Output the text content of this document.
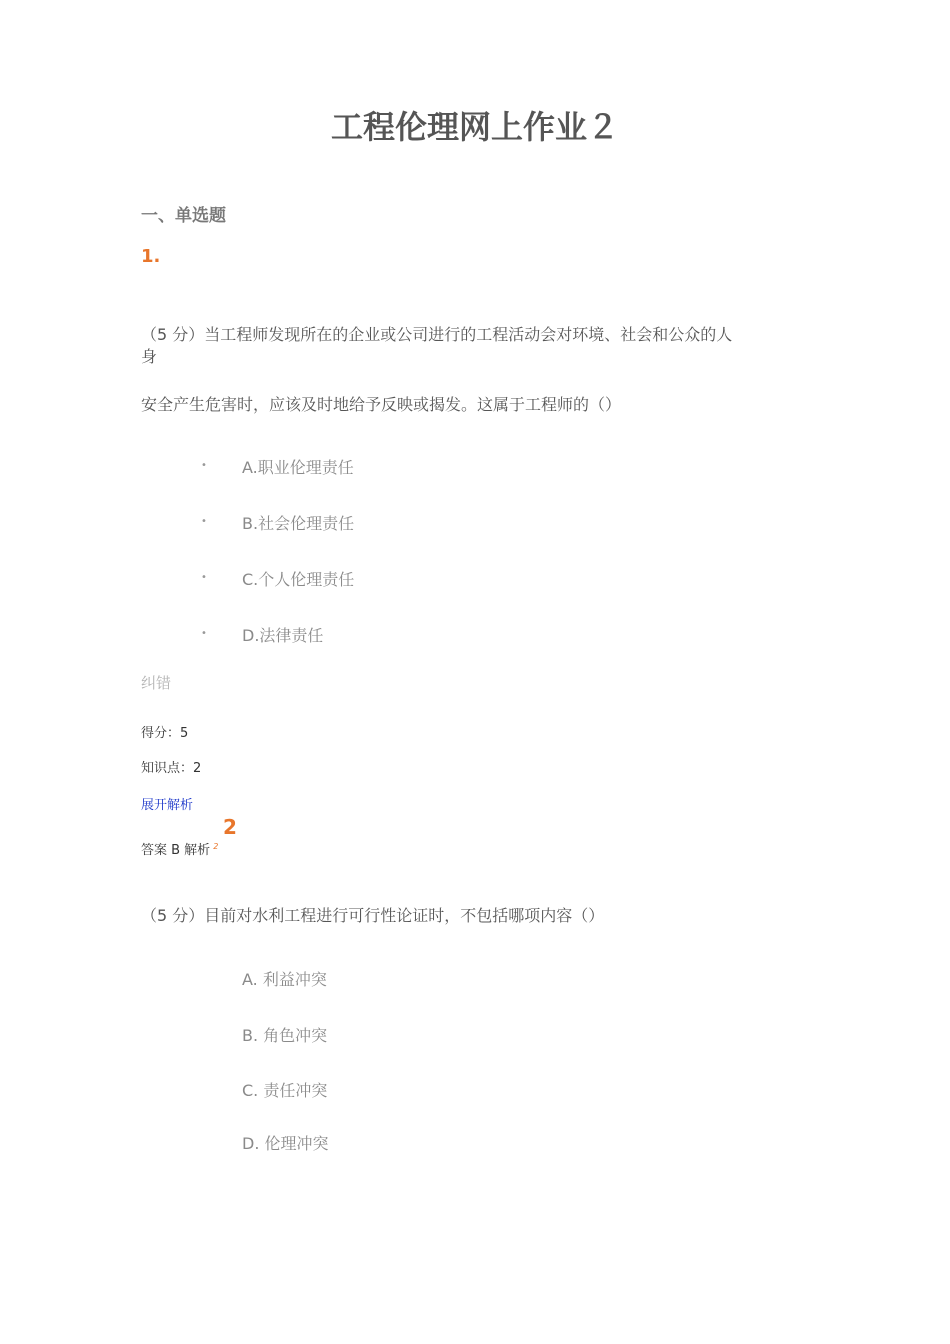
工程伦理网上作业２
一、单选题
1.
（5 分）当工程师发现所在的企业或公司进行的工程活动会对环境、社会和公众的人
身
安全产生危害时，应该及时地给予反映或揭发。这属于工程师的（）
• A.职业伦理责任
• B.社会伦理责任
• C.个人伦理责任
• D.法律责任
纠错
得分：5
知识点：2
展开解析
答案 B 解析 $^2$
2
（5 分）目前对水利工程进行可行性论证时，不包括哪项内容（）
A. 利益冲突
B. 角色冲突
C. 责任冲突
D. 伦理冲突
